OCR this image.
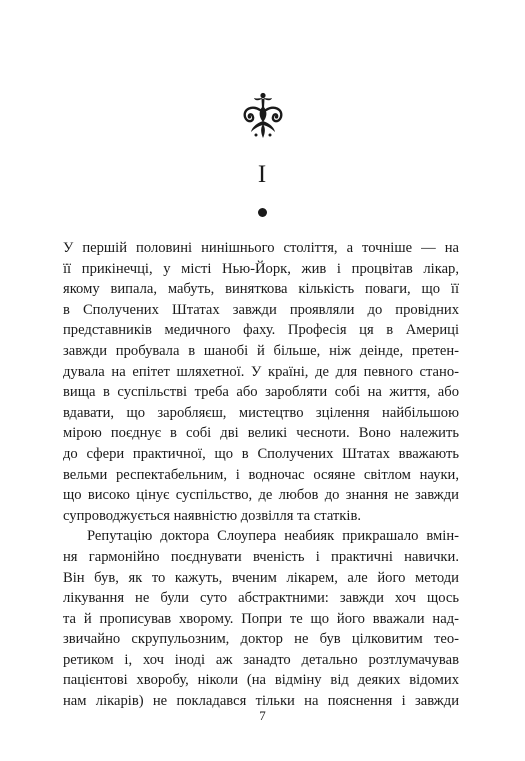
I

У першій половині нинішнього століття, а точніше — на
її прикінечці, у місті Нью-Йорк, жив і процвітав лікар,
якому випала, мабуть, виняткова кількість поваги, що її
в Сполучених Штатах завжди проявляли до провідних
представників медичного фаху. Професія ця в Америці
завжди пробувала в шанобі й більше, ніж деінде, претен-
дувала на епітет шляхетної. У країні, де для певного стано-
вища в суспільстві треба або заробляти собі на життя, або
вдавати, що заробляєш, мистецтво зцілення найбільшою
мірою поєднує в собі дві великі чесноти. Воно належить
до сфери практичної, що в Сполучених Штатах вважають
вельми респектабельним, і водночас осяяне світлом науки,
що високо цінує суспільство, де любов до знання не завжди
супроводжується наявністю дозвілля та статків.

Репутацію доктора Слоупера неабияк прикрашало вмін-
ня гармонійно поєднувати вченість і практичні навички.
Він був, як то кажуть, вченим лікарем, але його методи
лікування не були суто абстрактними: завжди хоч щось
та й прописував хворому. Попри те що його вважали над-
звичайно скрупульозним, доктор не був цілковитим тео-
ретиком і, хоч іноді аж занадто детально розтлумачував
пацієнтові хворобу, ніколи (на відміну від деяких відомих
нам лікарів) не покладався тільки на пояснення і завжди

7
